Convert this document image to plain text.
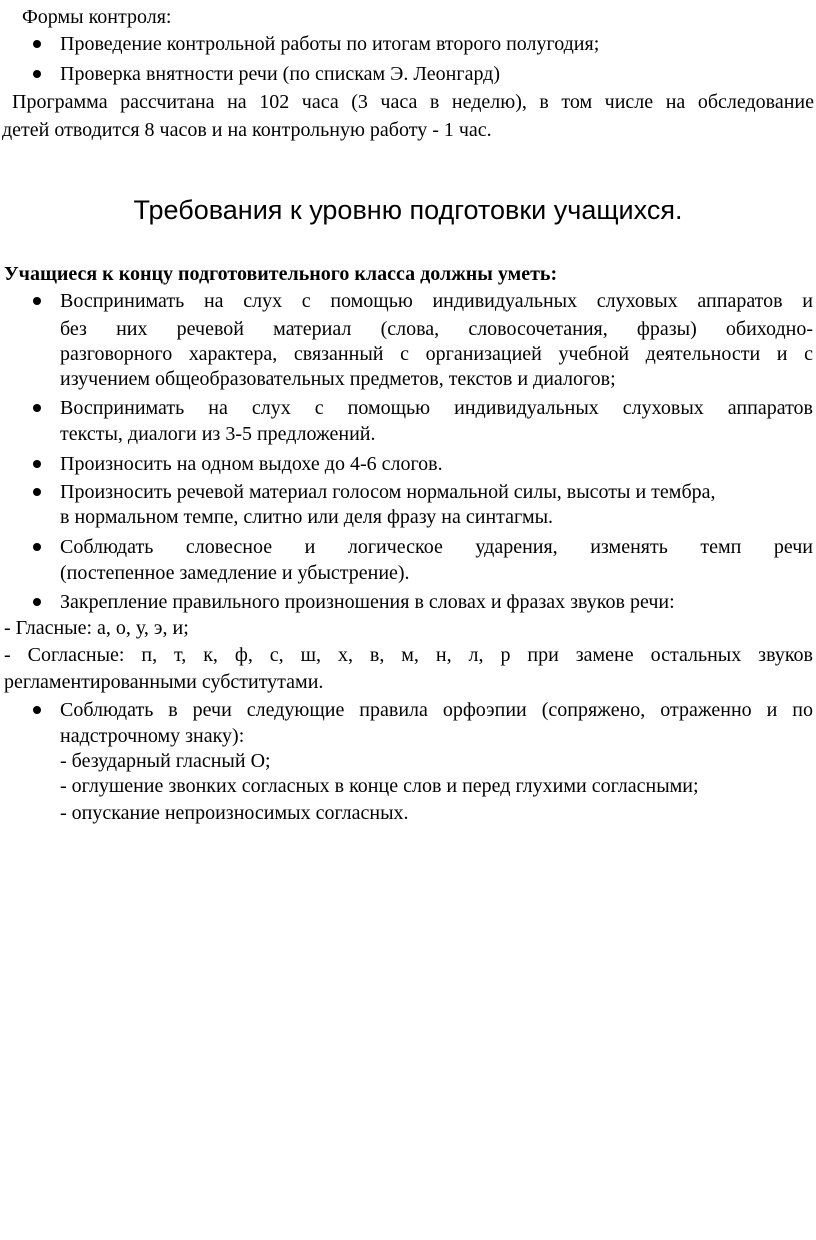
Формы контроля:
Проведение контрольной работы по итогам второго полугодия;
Проверка внятности речи (по спискам Э. Леонгард)
Программа рассчитана на 102 часа (3 часа в неделю), в том числе на обследование
детей отводится 8 часов и на контрольную работу - 1 час.
Требования к уровню подготовки учащихся.
Учащиеся к концу подготовительного класса должны уметь:
Воспринимать на слух с помощью индивидуальных слуховых аппаратов и
без них речевой материал (слова, словосочетания, фразы) обиходно-
разговорного характера, связанный с организацией учебной деятельности и с
изучением общеобразовательных предметов, текстов и диалогов;
Воспринимать на слух с помощью индивидуальных слуховых аппаратов
тексты, диалоги из 3-5 предложений.
Произносить на одном выдохе до 4-6 слогов.
Произносить речевой материал голосом нормальной силы, высоты и тембра,
в нормальном темпе, слитно или деля фразу на синтагмы.
Соблюдать словесное и логическое ударения, изменять темп речи
(постепенное замедление и убыстрение).
Закрепление правильного произношения в словах и фразах звуков речи:
- Гласные: а, о, у, э, и;
- Согласные: п, т, к, ф, с, ш, х, в, м, н, л, р при замене остальных звуков
регламентированными субститутами.
Соблюдать в речи следующие правила орфоэпии (сопряжено, отраженно и по
надстрочному знаку):
- безударный гласный О;
- оглушение звонких согласных в конце слов и перед глухими согласными;
- опускание непроизносимых согласных.
